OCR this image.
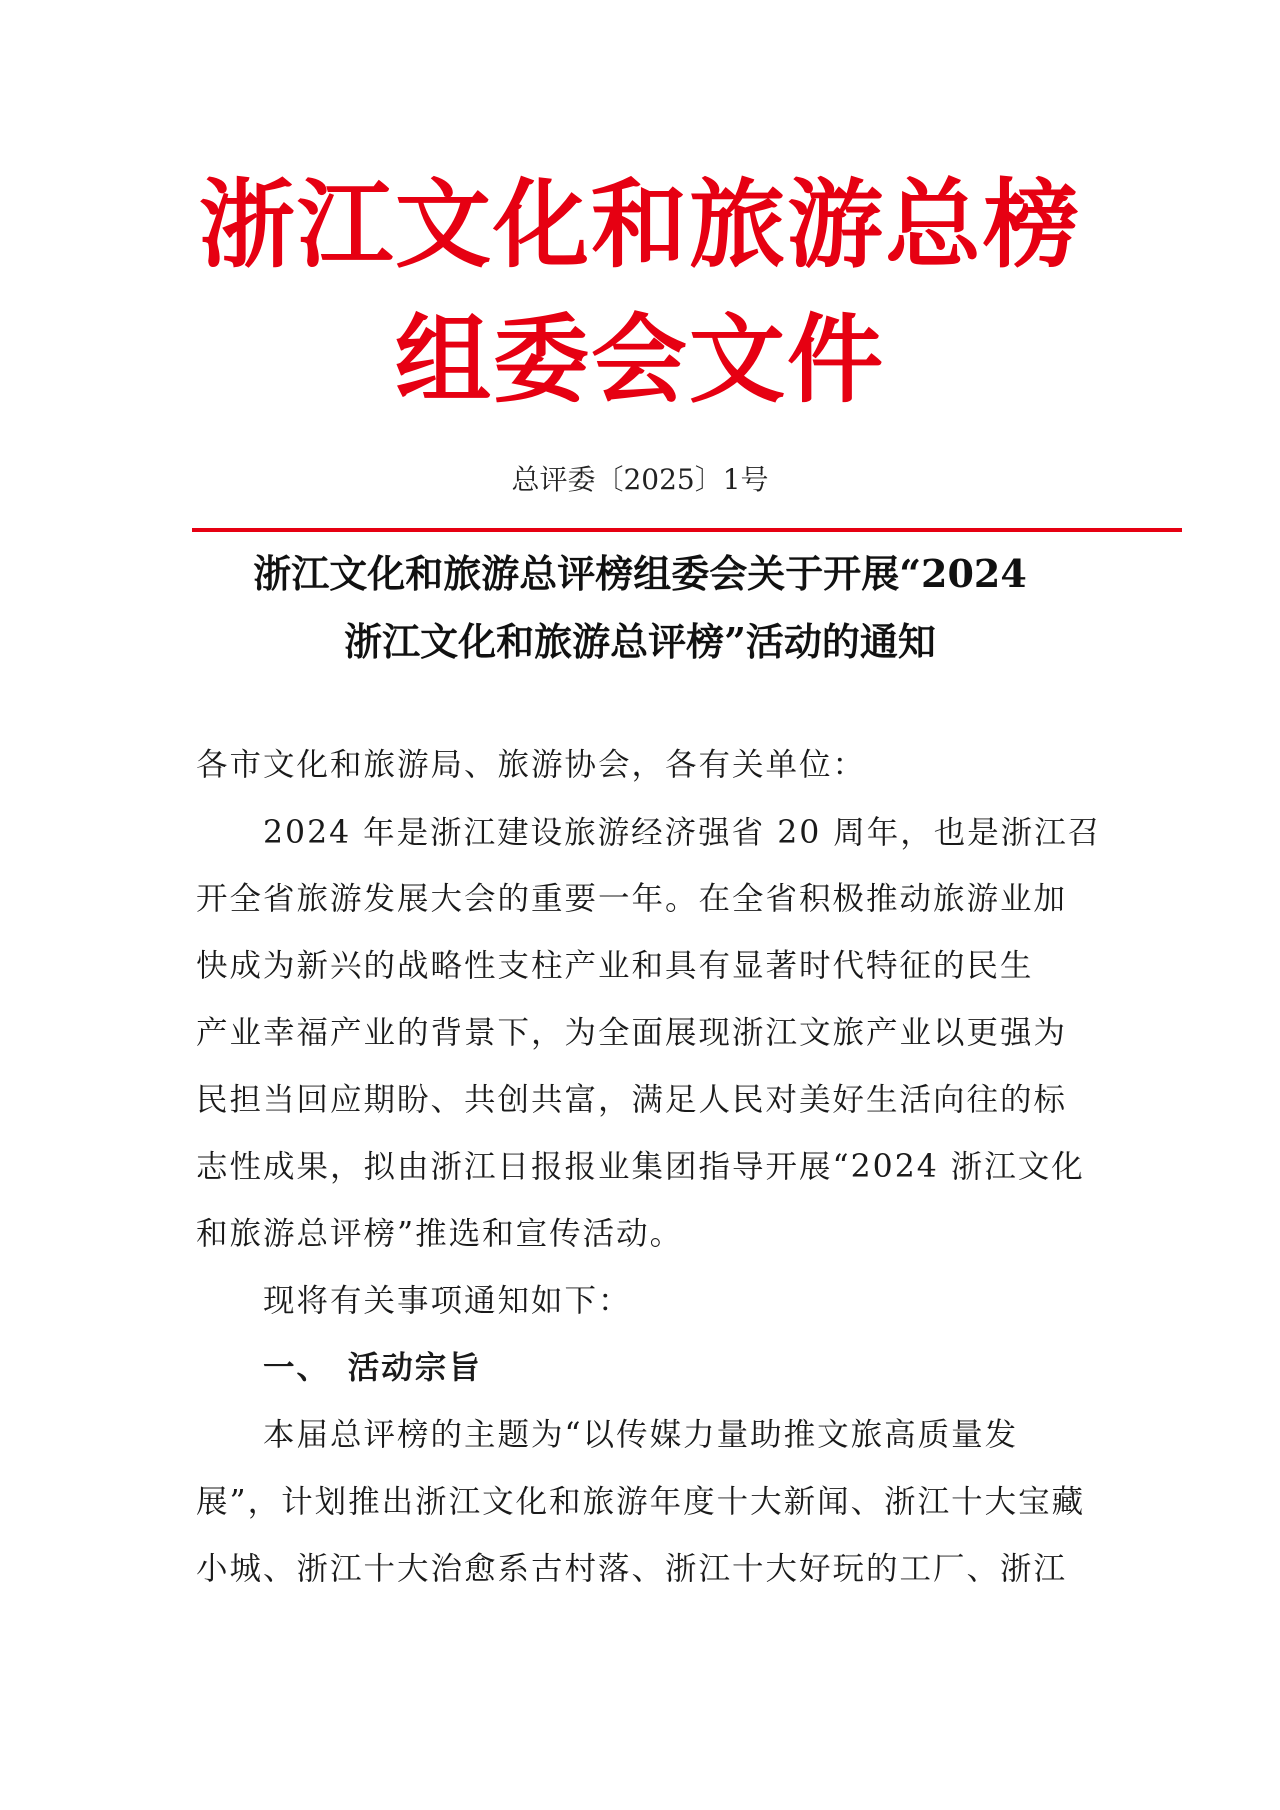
浙江文化和旅游总榜
组委会文件
总评委〔2025〕1号
浙江文化和旅游总评榜组委会关于开展“2024
浙江文化和旅游总评榜”活动的通知
各市文化和旅游局、旅游协会，各有关单位：
2024 年是浙江建设旅游经济强省 20 周年，也是浙江召
开全省旅游发展大会的重要一年。在全省积极推动旅游业加
快成为新兴的战略性支柱产业和具有显著时代特征的民生
产业幸福产业的背景下，为全面展现浙江文旅产业以更强为
民担当回应期盼、共创共富，满足人民对美好生活向往的标
志性成果，拟由浙江日报报业集团指导开展“2024 浙江文化
和旅游总评榜”推选和宣传活动。
现将有关事项通知如下：
一、　活动宗旨
本届总评榜的主题为“以传媒力量助推文旅高质量发
展”，计划推出浙江文化和旅游年度十大新闻、浙江十大宝藏
小城、浙江十大治愈系古村落、浙江十大好玩的工厂、浙江
